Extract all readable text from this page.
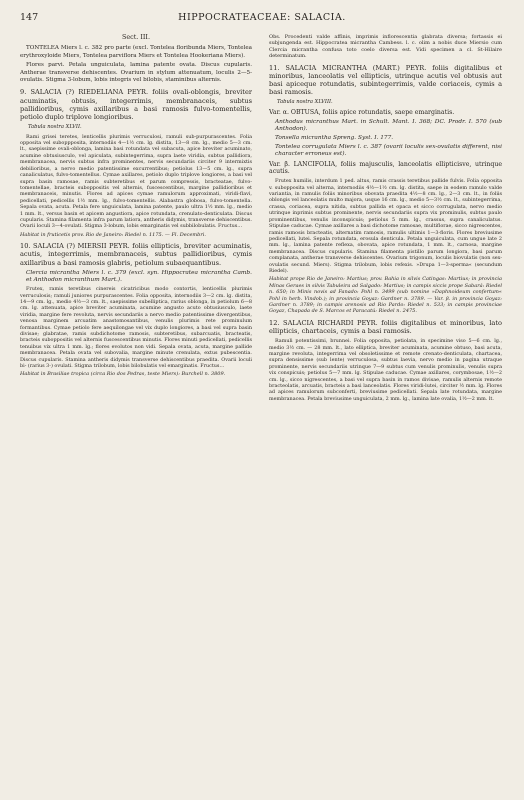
147	HIPPOCRATEACEAE: SALACIA.
Sect. III.

TONTELEA Miers l. c. 382 pro parte (excl. Tontelea floribunda Miers, Tontelea erythroxyloide Miers, Tontelea parviflora Miers et Tontelea Hookeriana Miers).

Flores parvi. Petala unguiculata, lamina patente ovata. Discus cupularis. Antherae transverse dehiscentes. Ovarium in stylum attenuatum, loculis 2—5-ovulatis. Stigma 3-lobum, lobis integris vel bilobis, staminibus alternis.

9. SALACIA (?) RIEDELIANA PEYR. foliis ovali-oblongis, breviter acuminatis, obtusis, integerrimis, membranaceis, subtus pallidioribus, cymis axillaribus a basi ramosis fulvo-tomentellis, petiolo duplo triplove longioribus.
Tabula nostra XLVII.

Rami grisei teretes, lenticellis plurimis verruculosi, ramuli sub-purpurascentes. Folia opposita vel suboppposita, internodiis 4—1½ cm. lg. distita, 13—8 cm. lg., medio 5—3 cm. lt., saepissime ovali-oblonga, lamina basi rotundata vel subacuta, apice breviter acuminato, acumine obtusiusculo, vel apiculata, subintegerrima, supra laete viridia, subtus pallidiora, membranacea, nervis subtus infra prominentes, nervis secundariis circiter 9 intermixtis debilioribus, a nervo medio patentissime excurrentibus; petiolus 13—5 cm. lg., supra canaliculatus, fulvo-tomentellus. Cymae axillares, petiolo duplo triplove longiores, a basi vel supra basin ramosae, ramis subteretibus et parum compressis, bracteatae, fulvo-tomentellae, bracteis suboppositis vel alternis, fuscescentibus, margine pallidioribus et membranaceis, minutis. Flores ad apices cymae ramulorum approximati, viridi-flavi, pedicellati, pedicellis 1½ mm. lg., fulvo-tomentellis. Alabastra globosa, fulvo-tomentella. Sepala ovata, acuta. Petala fere unguiculata, lamina patente, paulo ultra 1½ mm. lg., medio 1 mm. lt., versus basin et apicem angustiora, apice rotundata, crenulato-denticulata. Discus cupularis. Stamina filamenta infra parum latiora, antheris didymis, transverse dehiscentibus. Ovarii loculi 3—4-ovulati. Stigma 3-lobum, lobis emarginatis vel subbilobulatis. Fructus…

Habitat in fruticetis prov. Rio de Janeiro: Riedel n. 1175. — Fl. Decembri.
10. SALACIA (?) MIERSII PEYR. foliis ellipticis, breviter acuminatis, acutis, integerrimis, membranaceis, subtus pallidioribus, cymis axillaribus a basi ramosis glabris, petiolum subaequantibus.
Clercia micrantha Miers l. c. 379 (excl. syn. Hippocratea micrantha Camb. et Anthodon micranthum Mart.).

Frutex, ramis teretibus cinereis cicatricibus modo contortis, lenticellis plurimis verruculosis; ramuli juniores purpurascentes. Folia opposita, internodiis 3—2 cm. lg. distita, 14—9 cm. lg., medio 4½—3 cm. lt., saepissime subelliptica, rarius oblonga, in petiolum 6—8 cm. lg. attenuata, apice breviter acuminata, acumine angusto acuto obtusiusculo, laete viridia, margine fere revoluta, nervis secundariis a nervo medio patentissime divergentibus, venosa marginem arcuatim anastomosantibus, venulis plurimis rete prominulum formantibus. Cymae petiolo fere aequilongae vel vix duplo longiores, a basi vel supra basin divisae; glabratae, ramis subdichotome ramosis, subteretibus, subarcuatis, bracteatis, bracteis suboppositis vel alternis fuscescentibus minutis. Flores minuti pedicellati, pedicellis tenuibus vix ultra 1 mm. lg.; flores evolutos non vidi. Sepala ovata, acuta, margine pallide membranacea. Petala ovata vel subovalia, margine minute crenulata, extus pubescentia. Discus cupularis. Stamina antheris didymis transverse dehiscentibus praedita. Ovarii loculi bi- (rarius 3-) ovulati. Stigma trilobum, lobis bilobulatis vel emarginatis. Fructus…

Habitat in Brasiliae tropica (circa Rio dos Pedras, teste Miers): Burchell n. 3809.
Obs. Procedenti valde affinis, imprimis inflorescentia glabrata diversa; fortassis ei subjungenda est. Hippocratea micrantha Cambess. l. c. olim a nobis duce Miersio cum Clercia micrantha confusa toto coelo diversa est. Vidi specimen a cl. St-Hilaire determinatum.
11. SALACIA MICRANTHA (MART.) PEYR. foliis digitalibus et minoribus, lanceolatis vel ellipticis, utrinque acutis vel obtusis aut basi apiceque rotundatis, subintegerrimis, valde coriaceis, cymis a basi ramosis.
Tabula nostra XLVIII.
Var. α. OBTUSA, foliis apice rotundatis, saepe emarginatis.
Anthodus micranthus Mart. in Schult. Mant. I. 368; DC. Prodr. I. 570 (sub Anthodon).
Tonsella micrantha Spreng. Syst. I. 177.
Tontelea corrugulata Miers l. c. 387 (ovarii loculis sex-ovulatis different, nisi character erroneus est).
Var. β. LANCIFOLIA, foliis majusculis, lanceolatis ellipticisve, utrinque acutis.

Frutex humilis, interdum 1 ped. altus, ramis crassis teretibus pallide fulvis. Folia opposita v. subopposita vel alterna, internodiis 4½—1½ cm. lg. distita, saepe in eodem ramulo valde variantia, in ramulis foliis minoribus obovata praedita 4½—8 cm. lg., 2—3 cm. lt., in foliis oblongis vel lanceolatis multo majora, usque 16 cm. lg., medio 5—3½ cm. lt., subintegerrima, crassa, coriacea, supra nitida, subtus pallida et opaca et sicco corrugulata, nervo medio utrinque inprimis subtus prominente, nervis secundariis supra vix prominulis, subtus paulo prominentibus, venulis inconspicuis; petiolus 5 mm. lg., crassus, supra canaliculatus. Stipulae caducae. Cymae axillares a basi dichotome ramosae, multiflorae, sicco nigrescentes, ramis ramosis bracteatis, alternatim ramosis, ramulis ultimis 1—3-floris. Flores breviusime pedicellati, lutei. Sepala rotundata, erosula denticula. Petala unguiculata, cum ungue late 2 mm. lg., lamina patente reflexa, obovata, apice rotundata, 1 mm. lt., carnosa, margine membranacea. Discus cupularis. Stamina filamenta pistillo parum longiora, basi parum complanata, antherae transverse dehiscentes. Ovarium trigonum, loculis biovulatis (non sex-ovulatis secund. Miers). Stigma trilobum, lobis refexis. »Drupa 1—3-sperma« (secundum Riedel).

Habitat prope Rio de Janeiro: Martius; prov. Bahia in silvis Catingas: Martius; in provincia Minas Geraes in silvis Tabuleira ad Salgado: Martius; in campis siccis prope Sabará: Riedel n. 650; in Minis novis ad Fanado: Pohl n. 3499 (sub nomine »Daphnoideum confertum« Pohl in herb. Vindob.); in provincia Goyaz: Gardner n. 3789. — Var. β. in provincia Goyaz: Gardner n. 3789; in campis arenosis ad Rio Pardo: Riedel n. 533; in campis provinciae Goyaz, Chapada de S. Marcos et Paracatú: Riedel n. 2475.
12. SALACIA RICHARDI PEYR. foliis digitalibus et minoribus, lato ellipticis, chartaceis, cymis a basi ramosis.

Ramuli potentissimi, brunnei. Folia opposita, petiolata, in specimine viso 5—6 cm. lg., medio 3½ cm. — 28 mm. lt., lato elliptica, breviter acuminata, acumine obtuso, basi acuta, margine revoluta, integerrima vel obsoletissime et remote crenato-denticulata, chartacea, supra densissime (sub lente) verruculosa, subtus laevia, nervo medio in pagina utraque prominente, nervis secundariis utrinque 7—9 subtus cum venulis prominulis, venulis supra vix conspicuis; petiolus 5—7 mm. lg. Stipulae caducae. Cymae axillares, corymbosae, 1½—2 cm. lg., sicco nigrescentes, a basi vel supra basin in ramos divisae, ramulis alternis remote bracteolatis, arcuatis, bracteis a basi lanceolatis. Flores viridi-lutei, circiter ½ mm. lg. Flores ad apices ramulorum subconferti, breviusime pedicellati. Sepala late rotundata, margine membranacea. Petala breviusime unguiculata, 2 mm. lg., lamina late ovalia, 1½—2 mm. lt.
